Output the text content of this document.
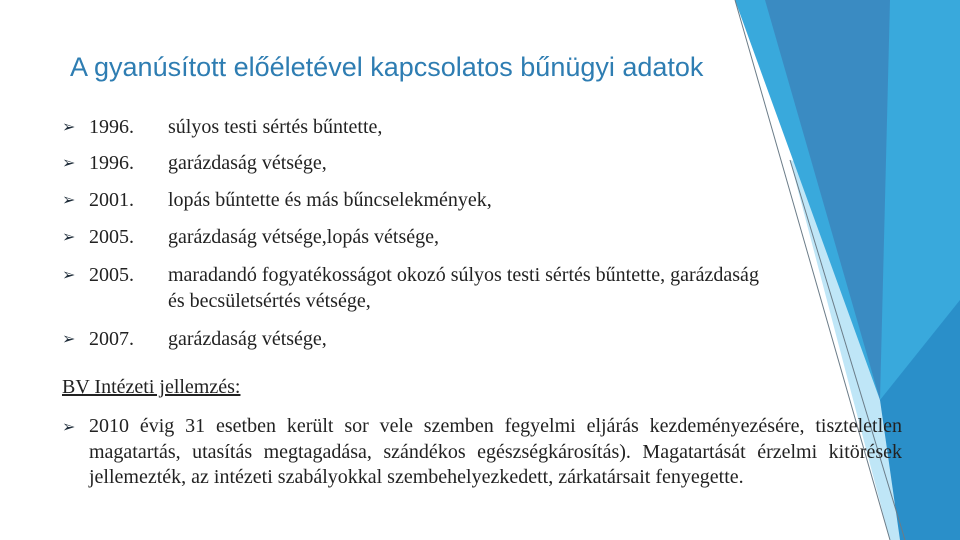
A gyanúsított előéletével kapcsolatos bűnügyi adatok
➢ 1996. súlyos testi sértés bűntette,
➢ 1996. garázdaság vétsége,
➢ 2001. lopás bűntette és más bűncselekmények,
➢ 2005. garázdaság vétsége,lopás vétsége,
➢ 2005. maradandó fogyatékosságot okozó súlyos testi sértés bűntette, garázdaság és becsületsértés vétsége,
➢ 2007. garázdaság vétsége,

BV Intézeti jellemzés:

➢ 2010 évig 31 esetben került sor vele szemben fegyelmi eljárás kezdeményezésére, tiszteletlen magatartás, utasítás megtagadása, szándékos egészségkárosítás). Magatartását érzelmi kitörések jellemezték, az intézeti szabályokkal szembehelyezkedett, zárkatársait fenyegette.
